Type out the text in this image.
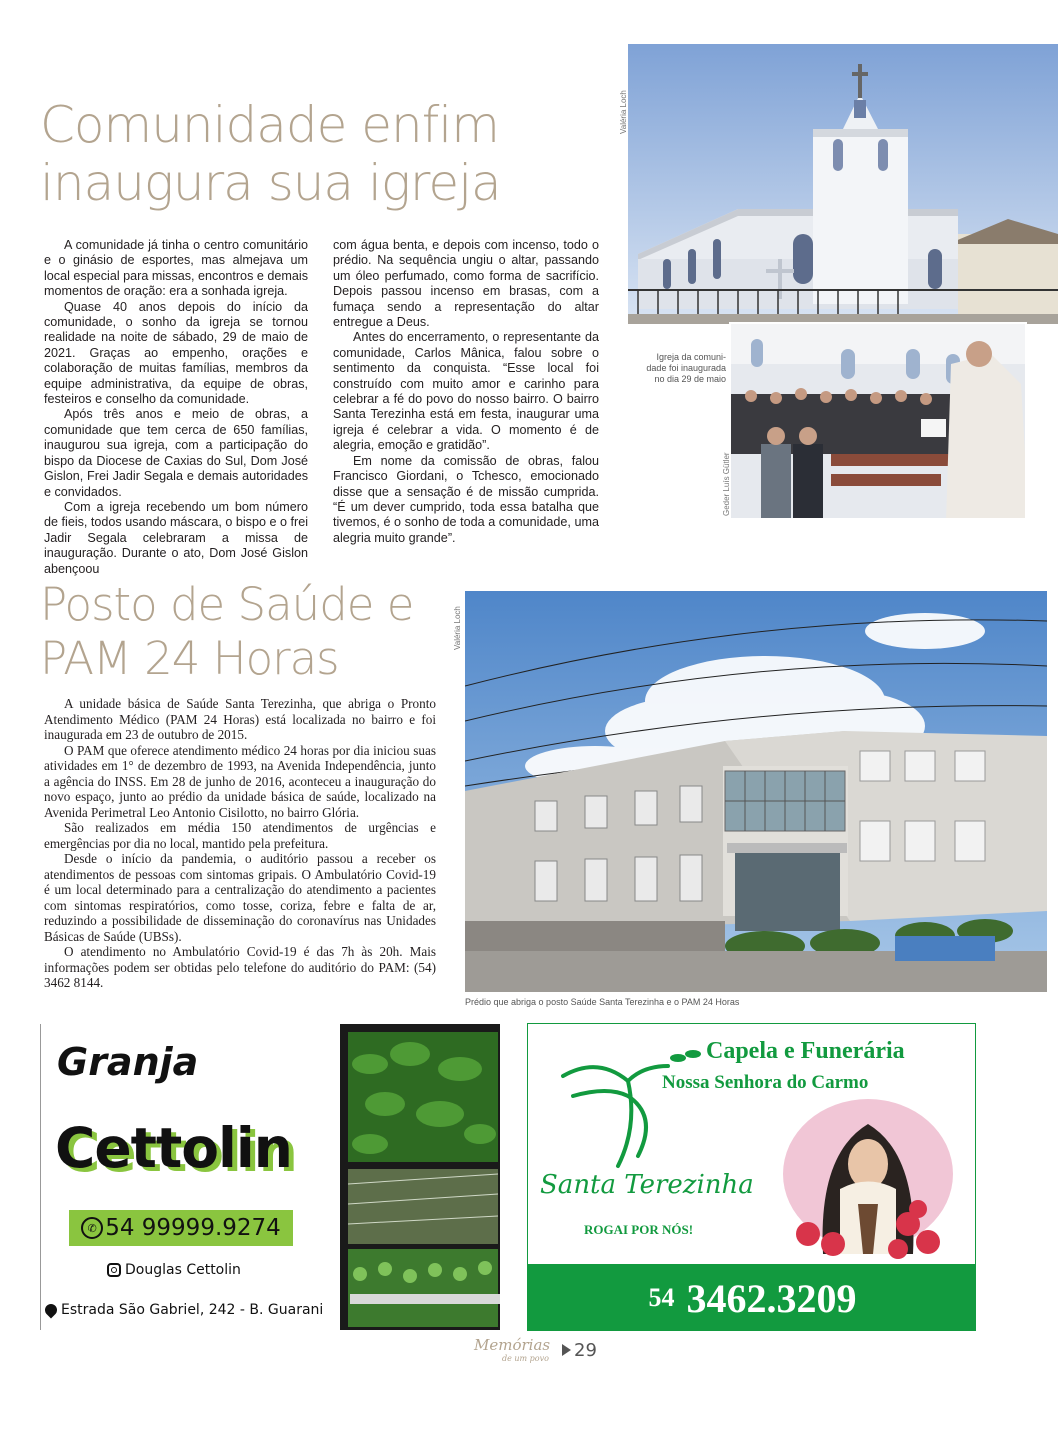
Comunidade enfim
inaugura sua igreja

A comunidade já tinha o centro comunitário e o ginásio de esportes, mas almejava um local especial para missas, encontros e demais momentos de oração: era a sonhada igreja.

Quase 40 anos depois do início da comunidade, o sonho da igreja se tornou realidade na noite de sábado, 29 de maio de 2021. Graças ao empenho, orações e colaboração de muitas famílias, membros da equipe administrativa, da equipe de obras, festeiros e conselho da comunidade.

Após três anos e meio de obras, a comunidade que tem cerca de 650 famílias, inaugurou sua igreja, com a participação do bispo da Diocese de Caxias do Sul, Dom José Gislon, Frei Jadir Segala e demais autoridades e convidados.

Com a igreja recebendo um bom número de fieis, todos usando máscara, o bispo e o frei Jadir Segala celebraram a missa de inauguração. Durante o ato, Dom José Gislon abençoou

com água benta, e depois com incenso, todo o prédio. Na sequência ungiu o altar, passando um óleo perfumado, como forma de sacrifício. Depois passou incenso em brasas, com a fumaça sendo a representação do altar entregue a Deus.

Antes do encerramento, o representante da comunidade, Carlos Mânica, falou sobre o sentimento da conquista. “Esse local foi construído com muito amor e carinho para celebrar a fé do povo do nosso bairro. O bairro Santa Terezinha está em festa, inaugurar uma igreja é celebrar a vida. O momento é de alegria, emoção e gratidão”.

Em nome da comissão de obras, falou Francisco Giordani, o Tchesco, emocionado disse que a sensação é de missão cumprida. “É um dever cumprido, toda essa batalha que tivemos, é o sonho de toda a comunidade, uma alegria muito grande”.

Valéria Loch
Geder Luís Gütler
Igreja da comuni-dade foi inaugurada no dia 29 de maio
Posto de Saúde e
PAM 24 Horas

A unidade básica de Saúde Santa Terezinha, que abriga o Pronto Atendimento Médico (PAM 24 Horas) está localizada no bairro e foi inaugurada em 23 de outubro de 2015.

O PAM que oferece atendimento médico 24 horas por dia iniciou suas atividades em 1° de dezembro de 1993, na Avenida Independência, junto a agência do INSS. Em 28 de junho de 2016, aconteceu a inauguração do novo espaço, junto ao prédio da unidade básica de saúde, localizado na Avenida Perimetral Leo Antonio Cisilotto, no bairro Glória.

São realizados em média 150 atendimentos de urgências e emergências por dia no local, mantido pela prefeitura.

Desde o início da pandemia, o auditório passou a receber os atendimentos de pessoas com sintomas gripais. O Ambulatório Covid-19 é um local determinado para a centralização do atendimento a pacientes com sintomas respiratórios, como tosse, coriza, febre e falta de ar, reduzindo a possibilidade de disseminação do coronavírus nas Unidades Básicas de Saúde (UBSs).

O atendimento no Ambulatório Covid-19 é das 7h às 20h. Mais informações podem ser obtidas pelo telefone do auditório do PAM: (54) 3462 8144.

Valéria Loch
Prédio que abriga o posto Saúde Santa Terezinha e o PAM 24 Horas
Granja
Cettolin
✆ 54 99999.9274
Douglas Cettolin
Estrada São Gabriel, 242 - B. Guarani
Capela e Funerária
Nossa Senhora do Carmo
Santa Terezinha
ROGAI POR NÓS!
54 3462.3209
Memórias
de um povo 29
